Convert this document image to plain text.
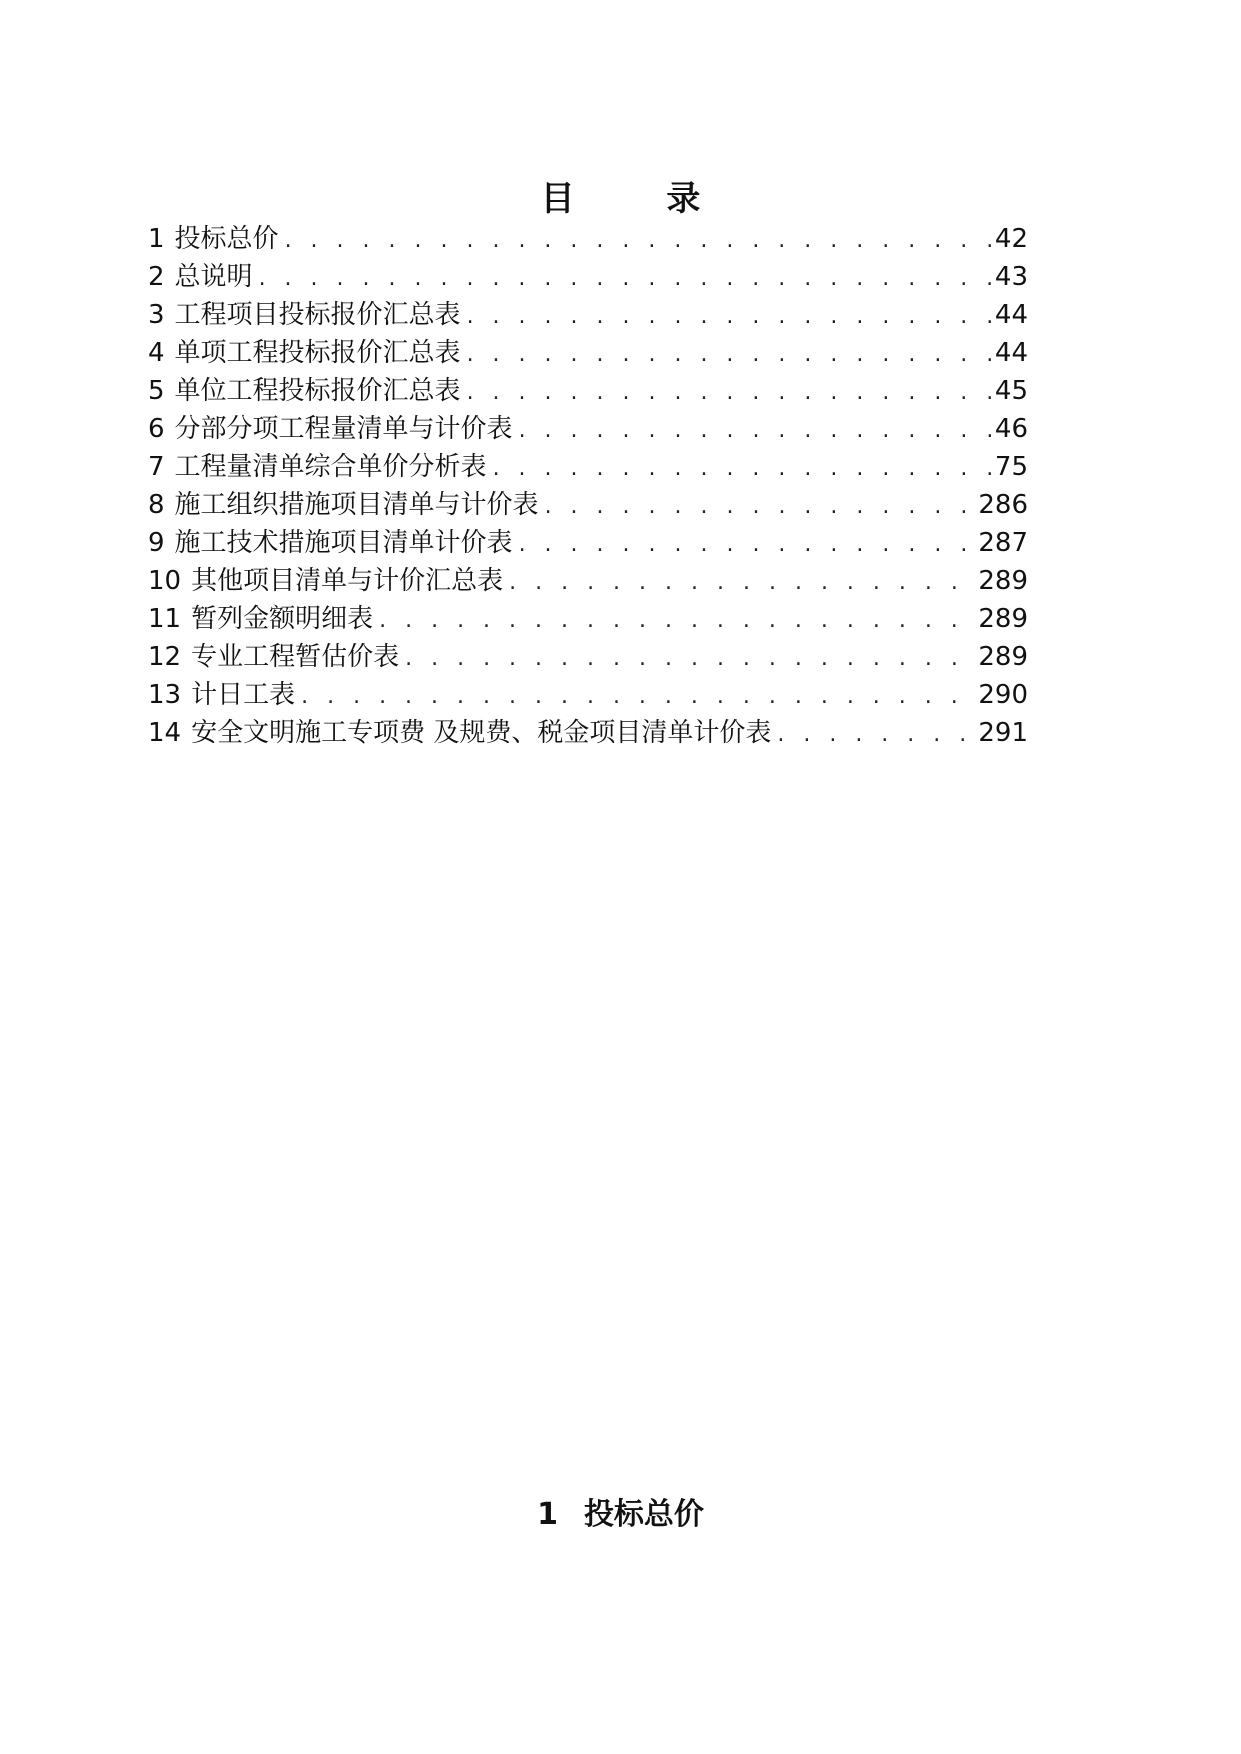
目 录
1 投标总价 . . .	42
2 总说明 . . .	43
3 工程项目投标报价汇总表 . . .	44
4 单项工程投标报价汇总表 . . .	44
5 单位工程投标报价汇总表 . . .	45
6 分部分项工程量清单与计价表 . . .	46
7 工程量清单综合单价分析表 . . .	75
8 施工组织措施项目清单与计价表 . . .	286
9 施工技术措施项目清单计价表 . . .	287
10 其他项目清单与计价汇总表 . . .	289
11 暂列金额明细表 . . .	289
12 专业工程暂估价表 . . .	289
13 计日工表 . . .	290
14 安全文明施工专项费 及规费、税金项目清单计价表 . . .	291
1 投标总价
